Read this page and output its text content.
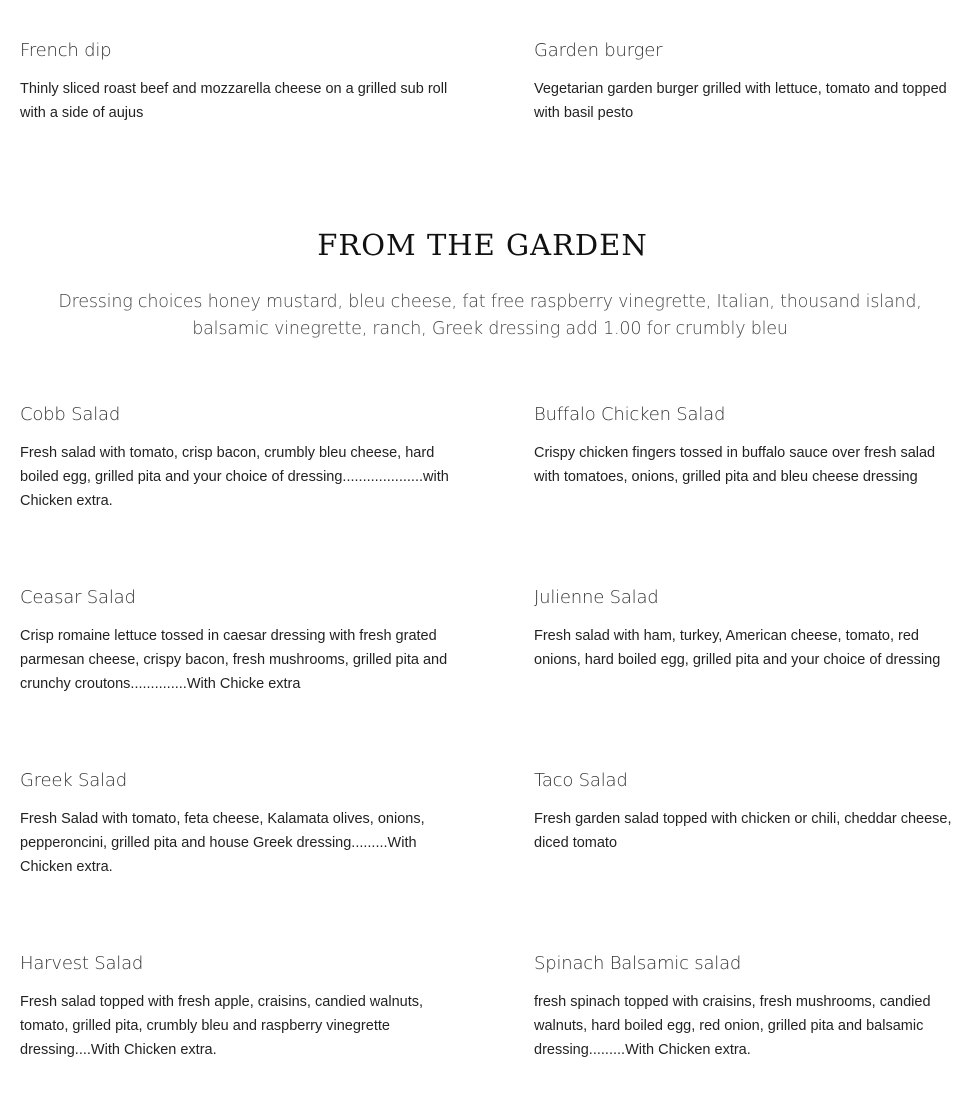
French dip

Thinly sliced roast beef and mozzarella cheese on a grilled sub roll with a side of aujus

Garden burger

Vegetarian garden burger grilled with lettuce, tomato and topped with basil pesto

FROM THE GARDEN

Dressing choices honey mustard, bleu cheese, fat free raspberry vinegrette, Italian, thousand island, balsamic vinegrette, ranch, Greek dressing add 1.00 for crumbly bleu

Cobb Salad

Fresh salad with tomato, crisp bacon, crumbly bleu cheese, hard boiled egg, grilled pita and your choice of dressing....................with Chicken extra.

Buffalo Chicken Salad

Crispy chicken fingers tossed in buffalo sauce over fresh salad with tomatoes, onions, grilled pita and bleu cheese dressing

Ceasar Salad

Crisp romaine lettuce tossed in caesar dressing with fresh grated parmesan cheese, crispy bacon, fresh mushrooms, grilled pita and crunchy croutons..............With Chicke extra

Julienne Salad

Fresh salad with ham, turkey, American cheese, tomato, red onions, hard boiled egg, grilled pita and your choice of dressing

Greek Salad

Fresh Salad with tomato, feta cheese, Kalamata olives, onions, pepperoncini, grilled pita and house Greek dressing.........With Chicken extra.

Taco Salad

Fresh garden salad topped with chicken or chili, cheddar cheese, diced tomato

Harvest Salad

Fresh salad topped with fresh apple, craisins, candied walnuts, tomato, grilled pita, crumbly bleu and raspberry vinegrette dressing....With Chicken extra.

Spinach Balsamic salad

fresh spinach topped with craisins, fresh mushrooms, candied walnuts, hard boiled egg, red onion, grilled pita and balsamic dressing.........With Chicken extra.
